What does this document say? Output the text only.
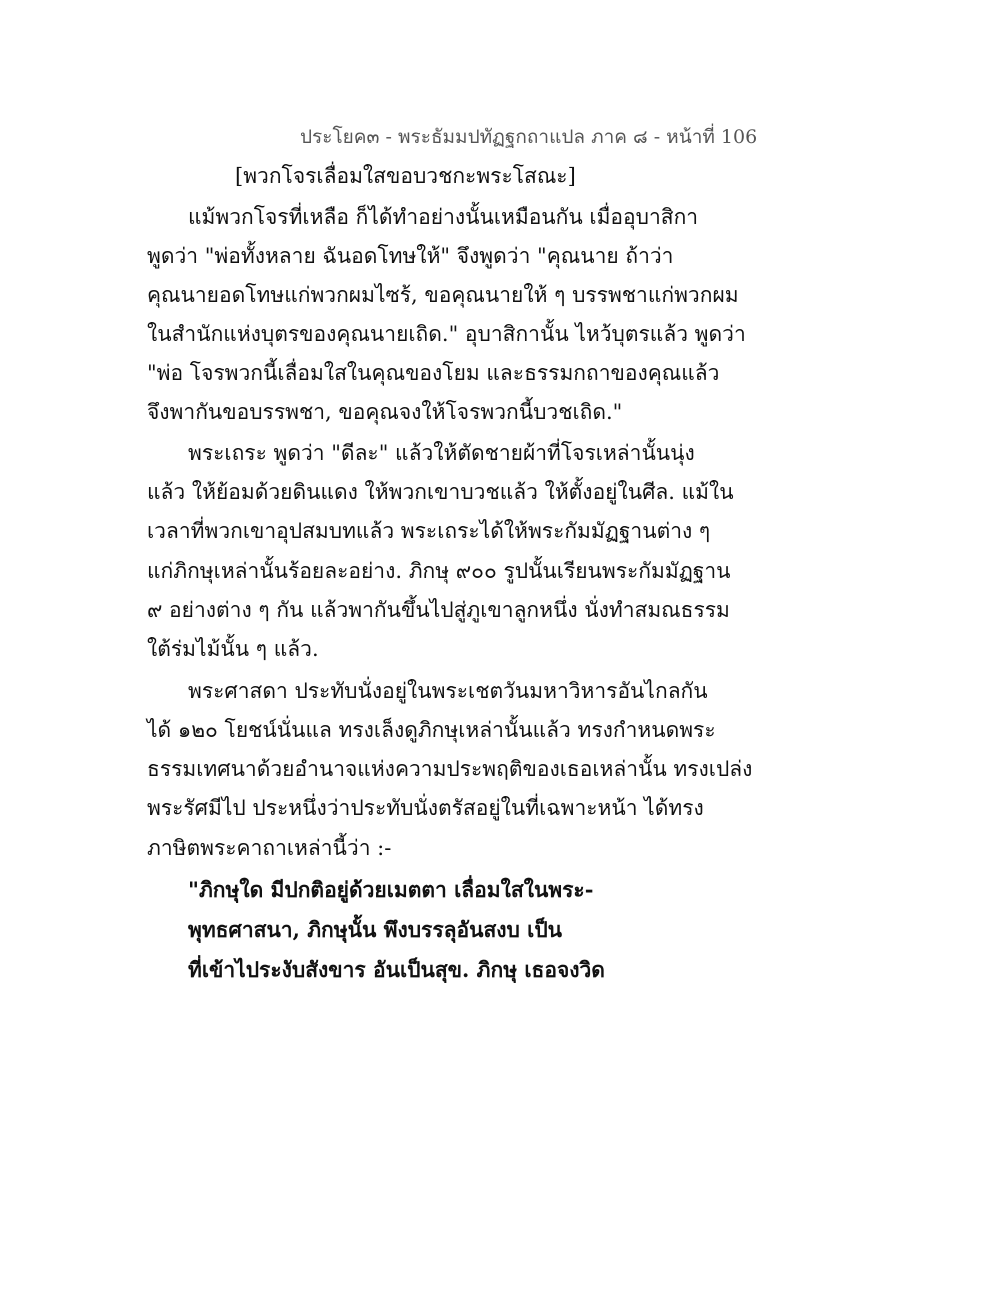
ประโยค๓ - พระธัมมปทัฏฐกถาแปล ภาค ๘ - หน้าที่ 106
[พวกโจรเลื่อมใสขอบวชกะพระโสณะ]
แม้พวกโจรที่เหลือ ก็ได้ทำอย่างนั้นเหมือนกัน เมื่ออุบาสิกา
พูดว่า "พ่อทั้งหลาย ฉันอดโทษให้" จึงพูดว่า "คุณนาย ถ้าว่า
คุณนายอดโทษแก่พวกผมไซร้, ขอคุณนายให้ ๆ บรรพชาแก่พวกผม
ในสำนักแห่งบุตรของคุณนายเถิด." อุบาสิกานั้น ไหว้บุตรแล้ว พูดว่า
"พ่อ โจรพวกนี้เลื่อมใสในคุณของโยม และธรรมกถาของคุณแล้ว
จึงพากันขอบรรพชา, ขอคุณจงให้โจรพวกนี้บวชเถิด."
พระเถระ พูดว่า "ดีละ" แล้วให้ตัดชายผ้าที่โจรเหล่านั้นนุ่ง
แล้ว ให้ย้อมด้วยดินแดง ให้พวกเขาบวชแล้ว ให้ตั้งอยู่ในศีล. แม้ใน
เวลาที่พวกเขาอุปสมบทแล้ว พระเถระได้ให้พระกัมมัฏฐานต่าง ๆ
แก่ภิกษุเหล่านั้นร้อยละอย่าง. ภิกษุ ๙๐๐ รูปนั้นเรียนพระกัมมัฏฐาน
๙ อย่างต่าง ๆ กัน แล้วพากันขึ้นไปสู่ภูเขาลูกหนึ่ง นั่งทำสมณธรรม
ใต้ร่มไม้นั้น ๆ แล้ว.
พระศาสดา ประทับนั่งอยู่ในพระเชตวันมหาวิหารอันไกลกัน
ได้ ๑๒๐ โยชน์นั่นแล ทรงเล็งดูภิกษุเหล่านั้นแล้ว ทรงกำหนดพระ
ธรรมเทศนาด้วยอำนาจแห่งความประพฤติของเธอเหล่านั้น ทรงเปล่ง
พระรัศมีไป ประหนึ่งว่าประทับนั่งตรัสอยู่ในที่เฉพาะหน้า ได้ทรง
ภาษิตพระคาถาเหล่านี้ว่า :-
"ภิกษุใด มีปกติอยู่ด้วยเมตตา เลื่อมใสในพระ-
พุทธศาสนา, ภิกษุนั้น พึงบรรลุอันสงบ เป็น
ที่เข้าไประงับสังขาร อันเป็นสุข. ภิกษุ เธอจงวิด
